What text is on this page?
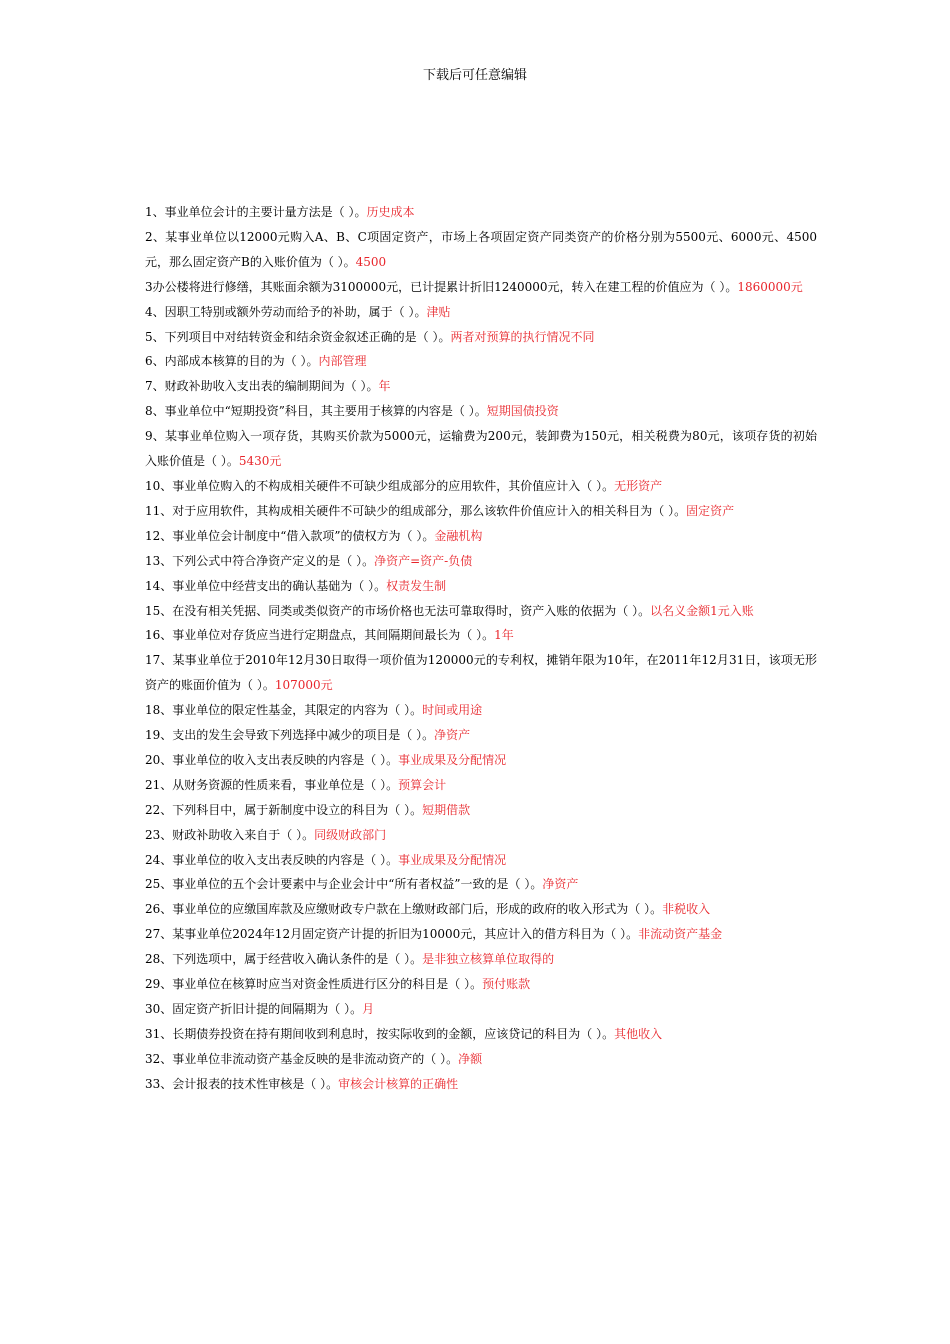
下载后可任意编辑
1、事业单位会计的主要计量方法是（ ）。历史成本
2、某事业单位以12000元购入A、B、C项固定资产，市场上各项固定资产同类资产的价格分别为5500元、6000元、4500元，那么固定资产B的入账价值为（ ）。4500
3办公楼将进行修缮，其账面余额为3100000元，已计提累计折旧1240000元，转入在建工程的价值应为（ ）。1860000元
4、因职工特别或额外劳动而给予的补助，属于（ ）。津贴
5、下列项目中对结转资金和结余资金叙述正确的是（ ）。两者对预算的执行情况不同
6、内部成本核算的目的为（ ）。内部管理
7、财政补助收入支出表的编制期间为（ ）。年
8、事业单位中“短期投资”科目，其主要用于核算的内容是（ ）。短期国债投资
9、某事业单位购入一项存货，其购买价款为5000元，运输费为200元，装卸费为150元，相关税费为80元，该项存货的初始入账价值是（ ）。5430元
10、事业单位购入的不构成相关硬件不可缺少组成部分的应用软件，其价值应计入（ ）。无形资产
11、对于应用软件，其构成相关硬件不可缺少的组成部分，那么该软件价值应计入的相关科目为（ ）。固定资产
12、事业单位会计制度中“借入款项”的债权方为（ ）。金融机构
13、下列公式中符合净资产定义的是（ ）。净资产=资产-负债
14、事业单位中经营支出的确认基础为（ ）。权责发生制
15、在没有相关凭据、同类或类似资产的市场价格也无法可靠取得时，资产入账的依据为（ ）。以名义金额1元入账
16、事业单位对存货应当进行定期盘点，其间隔期间最长为（ ）。1年
17、某事业单位于2010年12月30日取得一项价值为120000元的专利权，摊销年限为10年，在2011年12月31日，该项无形资产的账面价值为（ ）。107000元
18、事业单位的限定性基金，其限定的内容为（ ）。时间或用途
19、支出的发生会导致下列选择中减少的项目是（ ）。净资产
20、事业单位的收入支出表反映的内容是（ ）。事业成果及分配情况
21、从财务资源的性质来看，事业单位是（ ）。预算会计
22、下列科目中，属于新制度中设立的科目为（ ）。短期借款
23、财政补助收入来自于（ ）。同级财政部门
24、事业单位的收入支出表反映的内容是（ ）。事业成果及分配情况
25、事业单位的五个会计要素中与企业会计中“所有者权益”一致的是（ ）。净资产
26、事业单位的应缴国库款及应缴财政专户款在上缴财政部门后，形成的政府的收入形式为（ ）。非税收入
27、某事业单位2024年12月固定资产计提的折旧为10000元，其应计入的借方科目为（ ）。非流动资产基金
28、下列选项中，属于经营收入确认条件的是（ ）。是非独立核算单位取得的
29、事业单位在核算时应当对资金性质进行区分的科目是（ ）。预付账款
30、固定资产折旧计提的间隔期为（ ）。月
31、长期债券投资在持有期间收到利息时，按实际收到的金额，应该贷记的科目为（ ）。其他收入
32、事业单位非流动资产基金反映的是非流动资产的（ ）。净额
33、会计报表的技术性审核是（ ）。审核会计核算的正确性
